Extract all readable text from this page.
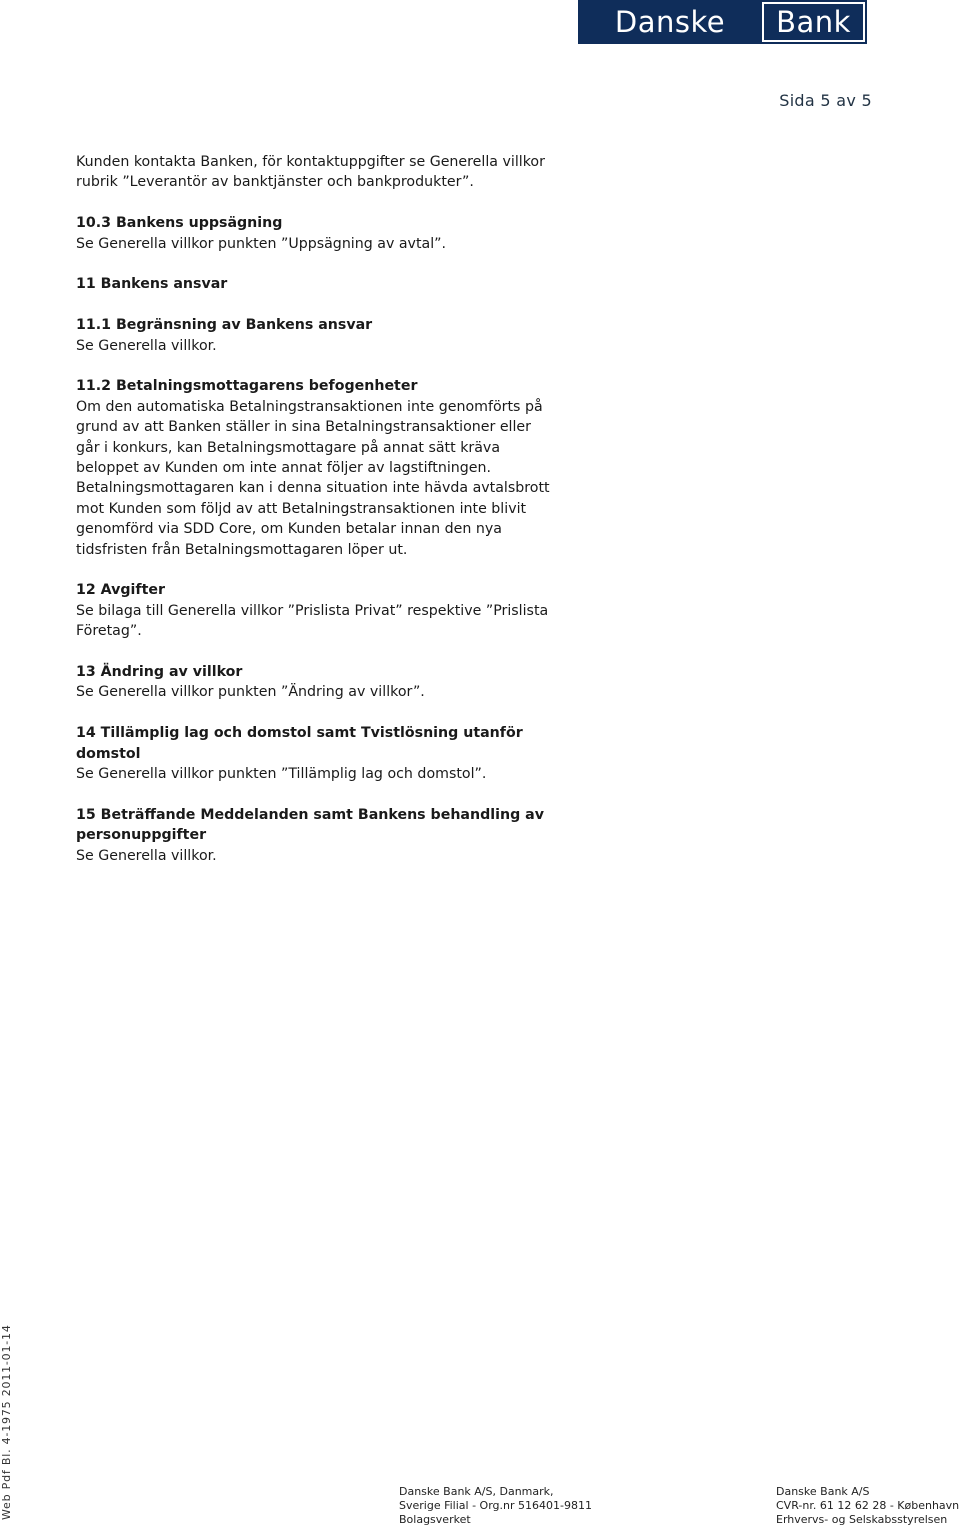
Danske	Bank
Sida 5 av 5
Kunden kontakta Banken, för kontaktuppgifter se Generella villkor rubrik ”Leverantör av banktjänster och bankprodukter”.
10.3 Bankens uppsägning
Se Generella villkor punkten ”Uppsägning av avtal”.
11 Bankens ansvar
11.1 Begränsning av Bankens ansvar
Se Generella villkor.
11.2 Betalningsmottagarens befogenheter
Om den automatiska Betalningstransaktionen inte genomförts på grund av att Banken ställer in sina Betalningstransaktioner eller går i konkurs, kan Betalningsmottagare på annat sätt kräva beloppet av Kunden om inte annat följer av lagstiftningen. Betalningsmottagaren kan i denna situation inte hävda avtalsbrott mot Kunden som följd av att Betalningstransaktionen inte blivit genomförd via SDD Core, om Kunden betalar innan den nya tidsfristen från Betalningsmottagaren löper ut.
12 Avgifter
Se bilaga till Generella villkor ”Prislista Privat” respektive ”Prislista Företag”.
13 Ändring av villkor
Se Generella villkor punkten ”Ändring av villkor”.
14 Tillämplig lag och domstol samt Tvistlösning utanför domstol
Se Generella villkor punkten ”Tillämplig lag och domstol”.
15 Beträffande Meddelanden samt Bankens behandling av personuppgifter
Se Generella villkor.
Web Pdf Bl. 4-1975 2011-01-14	Danske Bank A/S, Danmark,
Sverige Filial - Org.nr 516401-9811
Bolagsverket
Danske Bank A/S
CVR-nr. 61 12 62 28 - København
Erhvervs- og Selskabsstyrelsen
